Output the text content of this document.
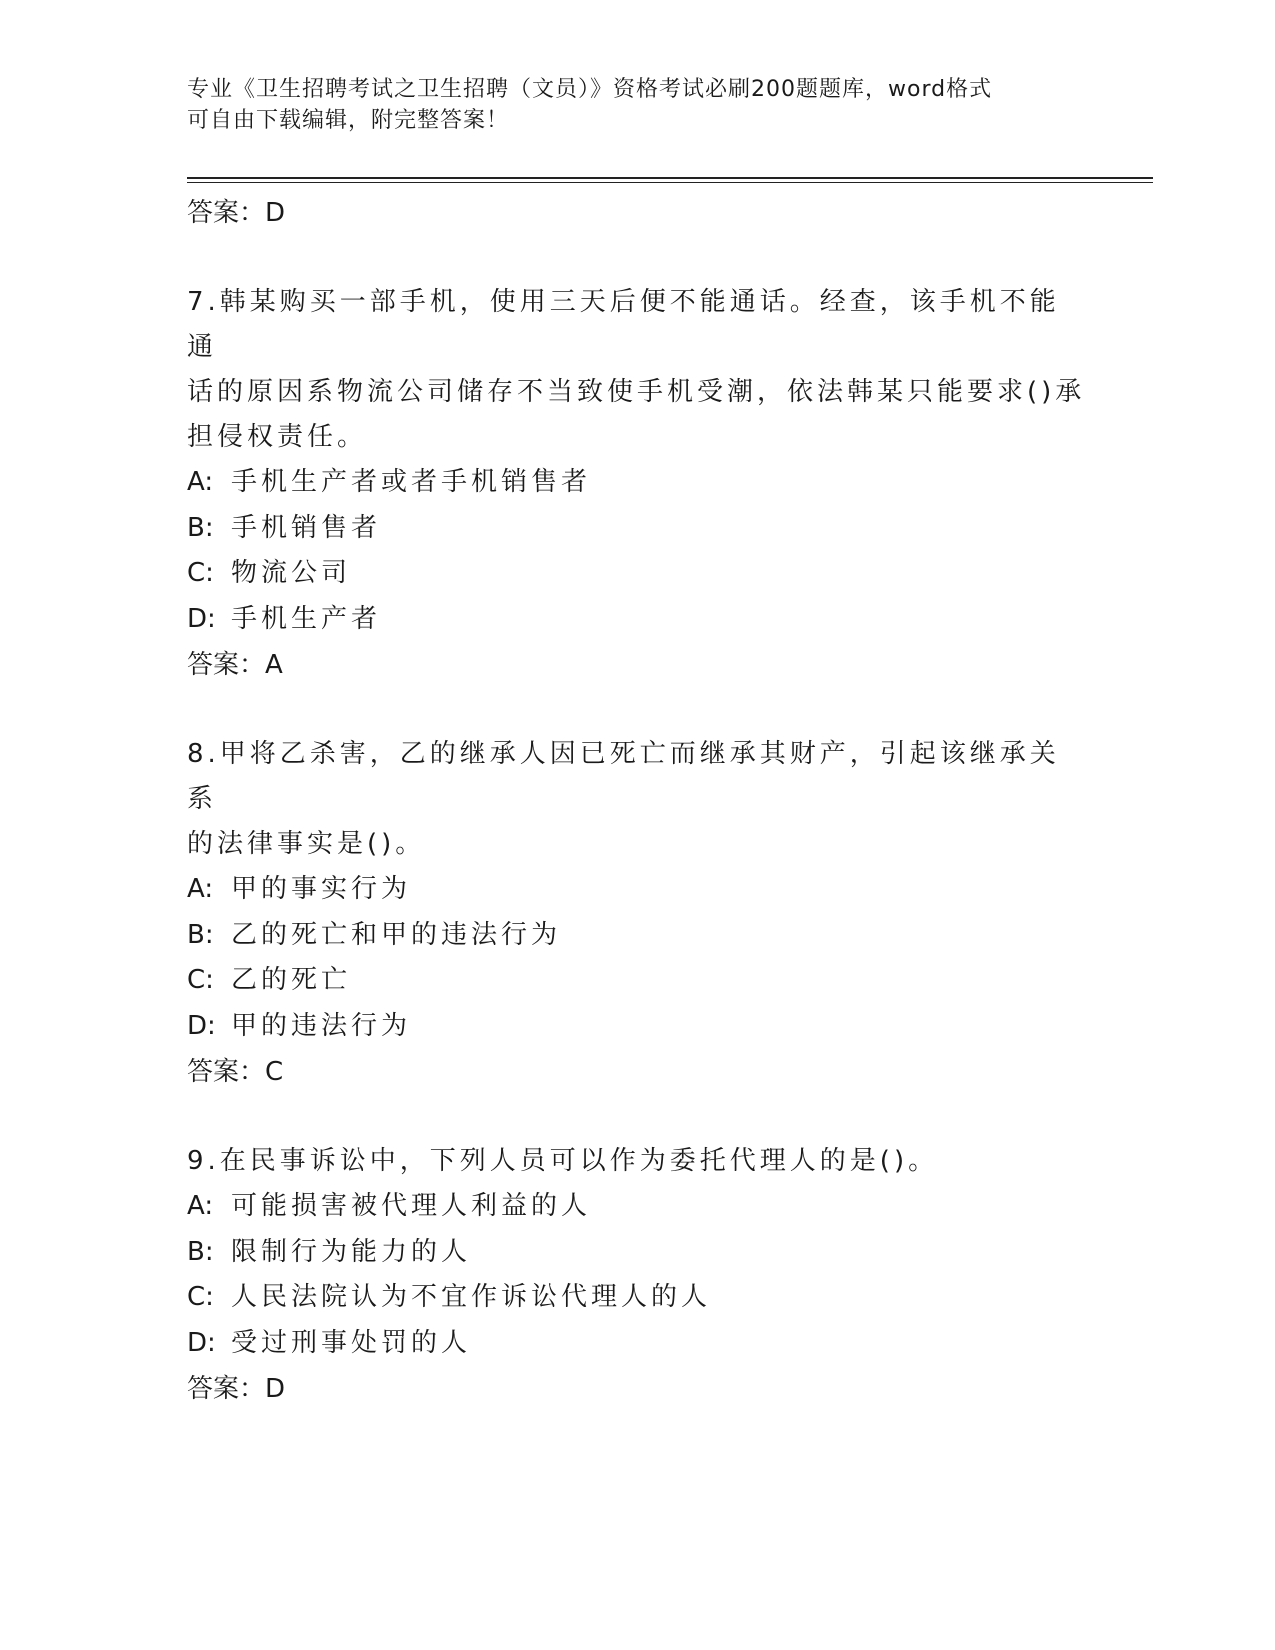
专业《卫生招聘考试之卫生招聘（文员）》资格考试必刷200题题库，word格式
可自由下载编辑，附完整答案！
答案：D
7.韩某购买一部手机，使用三天后便不能通话。经查，该手机不能通
话的原因系物流公司储存不当致使手机受潮，依法韩某只能要求()承
担侵权责任。
A: 手机生产者或者手机销售者
B: 手机销售者
C: 物流公司
D: 手机生产者
答案：A
8.甲将乙杀害，乙的继承人因已死亡而继承其财产，引起该继承关系
的法律事实是()。
A: 甲的事实行为
B: 乙的死亡和甲的违法行为
C: 乙的死亡
D: 甲的违法行为
答案：C
9.在民事诉讼中，下列人员可以作为委托代理人的是()。
A: 可能损害被代理人利益的人
B: 限制行为能力的人
C: 人民法院认为不宜作诉讼代理人的人
D: 受过刑事处罚的人
答案：D
